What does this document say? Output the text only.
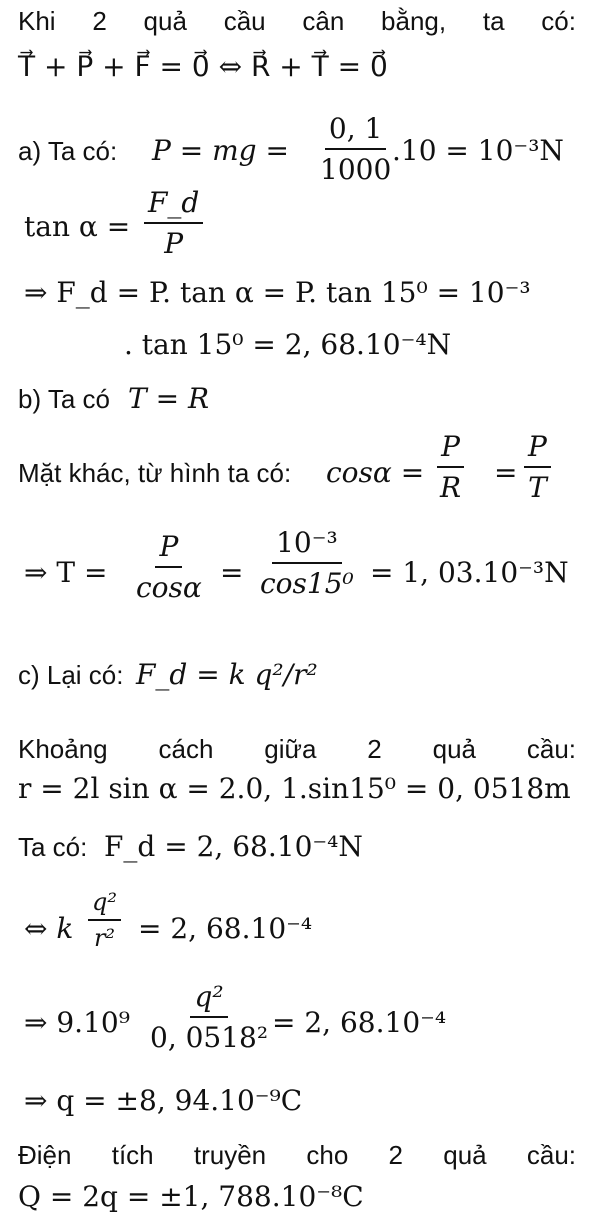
Khi 2 quả cầu cân bằng, ta có:
T⃗ + P⃗ + F⃗ = 0⃗ ⇔ R⃗ + T⃗ = 0⃗
a) Ta có: P = mg = $\frac{0, 1}{1000}$
.10 = 10⁻³N
$\tan \alpha = \frac{F\_d}{P}$
⇒ F_d = P. tan α = P. tan 15⁰ = 10⁻³
. tan 15⁰ = 2, 68.10⁻⁴N
b) Ta có T = R
Mặt khác, từ hình ta có: $\cos\alpha = \frac{P}{R} = \frac{P}{T}$
⇒ $T = \frac{P}{\cos\alpha} = \frac{\text{10⁻³}}{\text{cos15⁰}} = 1$, 03.10⁻³N
c) Lại có: F_d = k q²/r²
Khoảng cách giữa 2 quả cầu:
r = 2l sin α = 2.0, 1.sin15⁰ = 0, 0518m
Ta có: F_d = 2, 68.10⁻⁴N
⇔ k $\frac{\text{q²}}{\text{r²}} = 2$, 68.10⁻⁴
⇒ $9.10^9 \frac{\text{q²}}{\text{0, 0518²}} = 2$, 68.10⁻⁴
⇒ q = ±8, 94.10⁻⁹C
Điện tích truyền cho 2 quả cầu:
Q = 2q = ±1, 788.10⁻⁸C
